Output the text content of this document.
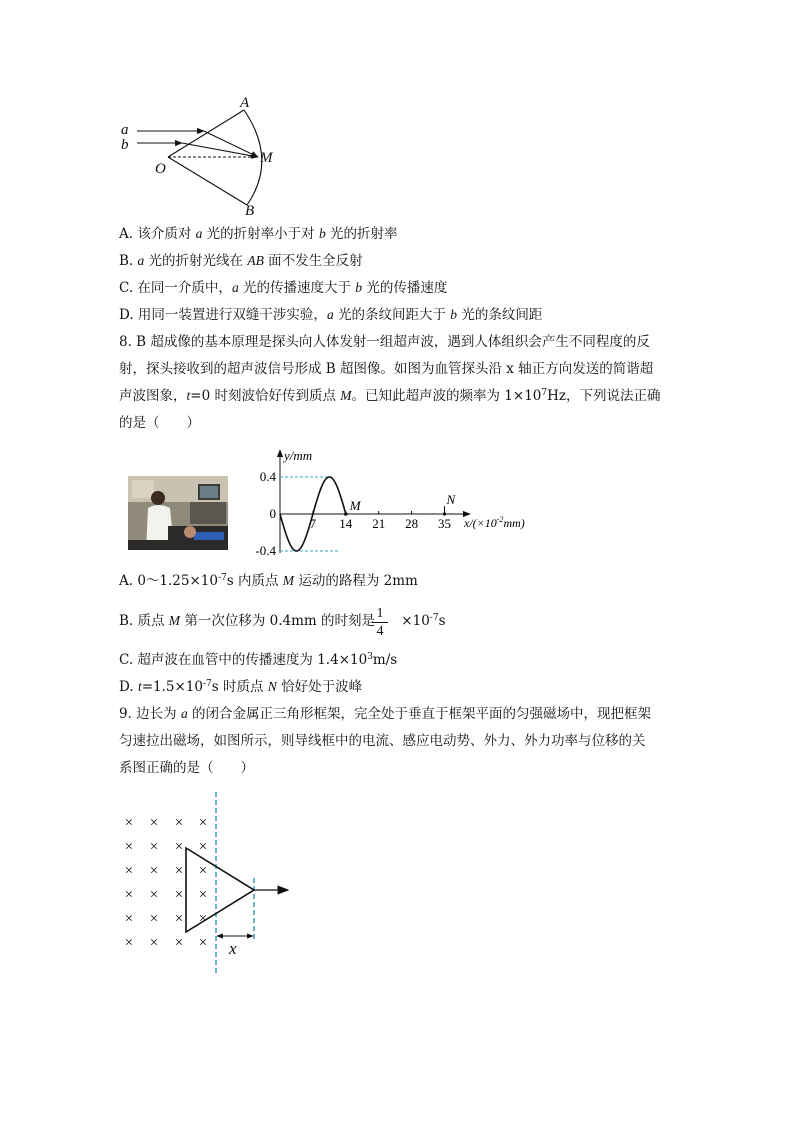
a
b
A
M
O
B
A. 该介质对 a 光的折射率小于对 b 光的折射率
B. a 光的折射光线在 AB 面不发生全反射
C. 在同一介质中，a 光的传播速度大于 b 光的传播速度
D. 用同一装置进行双缝干涉实验，a 光的条纹间距大于 b 光的条纹间距
8. B 超成像的基本原理是探头向人体发射一组超声波，遇到人体组织会产生不同程度的反
射，探头接收到的超声波信号形成 B 超图像。如图为血管探头沿 x 轴正方向发送的简谐超
声波图象，t=0 时刻波恰好传到质点 M。已知此超声波的频率为 $1\times 10^7Hz$，下列说法正确
的是（　　）
y/mm
$x/(\times 10^{-2}mm)$
0.4
0
-0.4
7 14 21 28 35
M	N
A. $0\sim 1.25\times 10^{-7}s$ 内质点 M 运动的路程为 2mm
B. 质点 M 第一次位移为 0.4mm 的时刻是 $\times 10^{-7}s$
1
4
C. 超声波在血管中的传播速度为 $1.4\times 10^3m/s$
D. $t=1.5\times 10^{-7}s$ 时质点 N 恰好处于波峰
9. 边长为 a 的闭合金属正三角形框架，完全处于垂直于框架平面的匀强磁场中，现把框架
匀速拉出磁场，如图所示，则导线框中的电流、感应电动势、外力、外力功率与位移的关
系图正确的是（　　）
× × × ×
× × × ×
× × × ×
× × × ×
× × × ×
× × × × x
